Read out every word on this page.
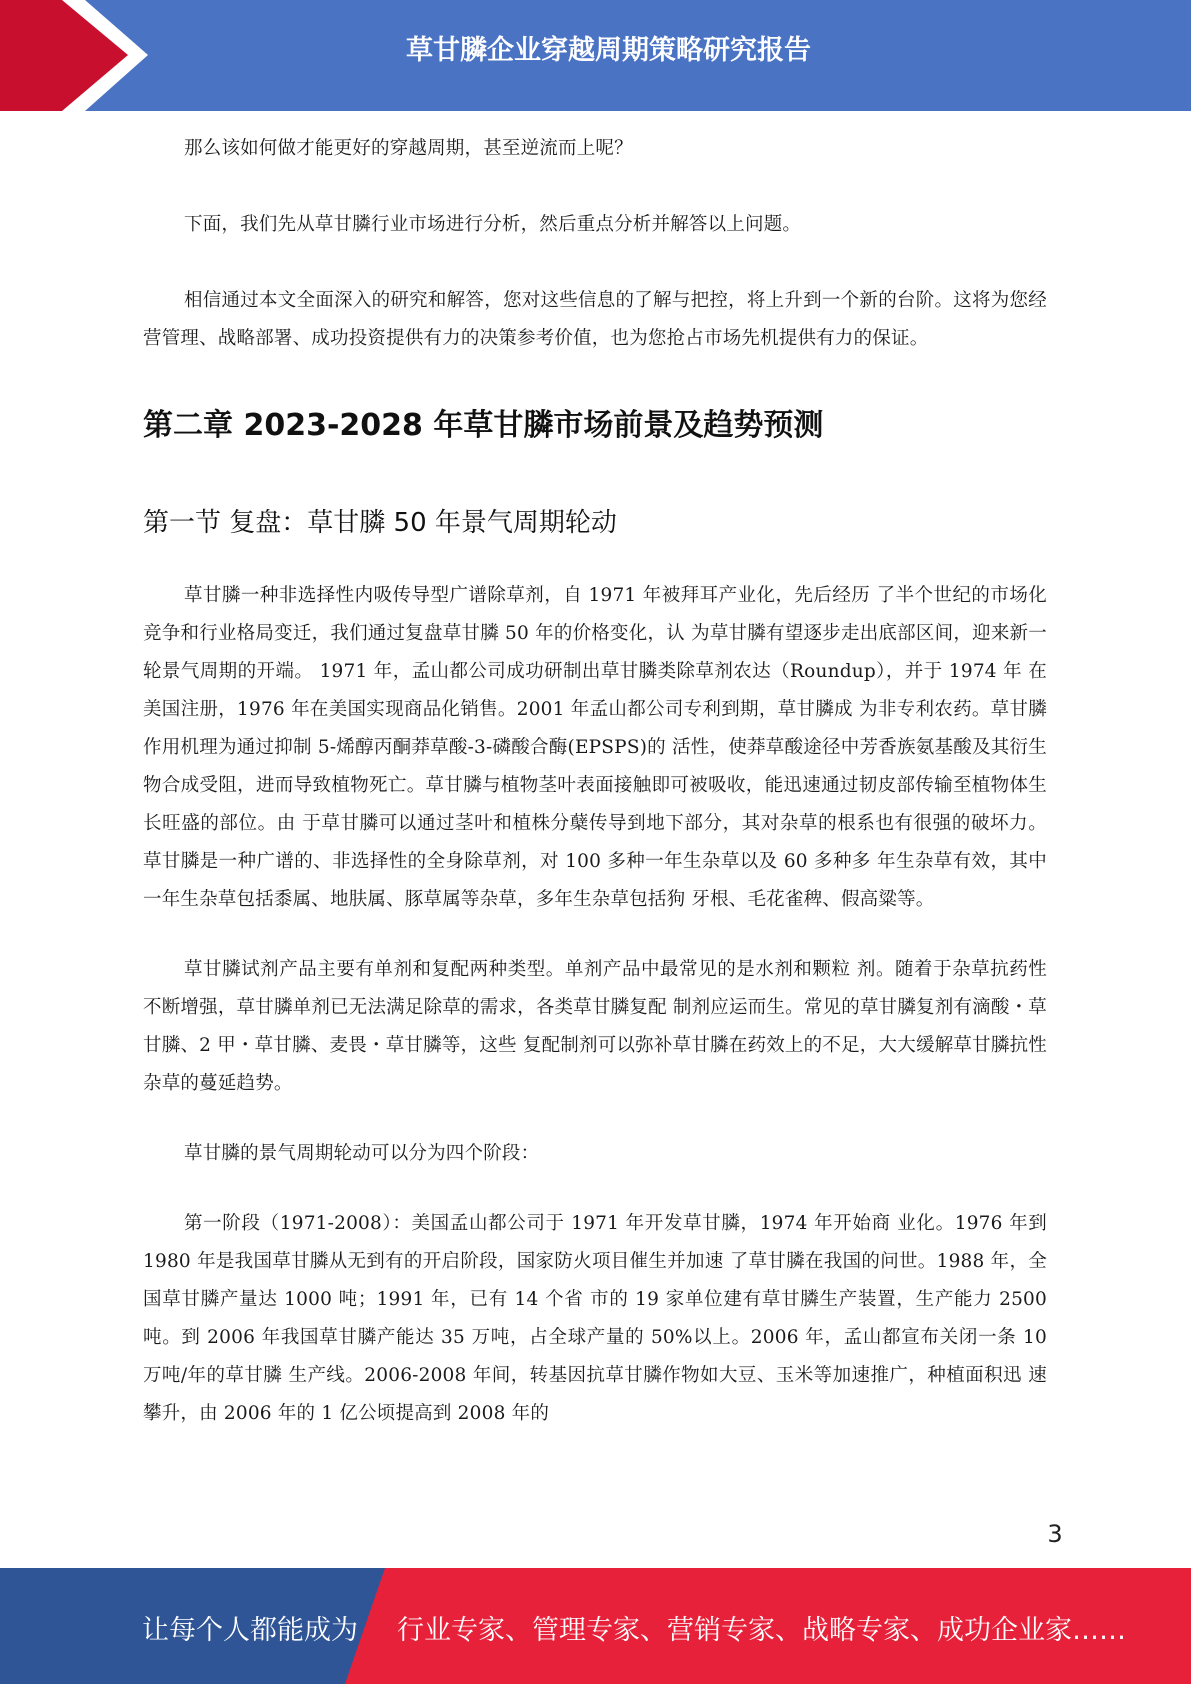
草甘膦企业穿越周期策略研究报告

那么该如何做才能更好的穿越周期，甚至逆流而上呢？

下面，我们先从草甘膦行业市场进行分析，然后重点分析并解答以上问题。

相信通过本文全面深入的研究和解答，您对这些信息的了解与把控，将上升到一个新的台阶。这将为您经营管理、战略部署、成功投资提供有力的决策参考价值，也为您抢占市场先机提供有力的保证。

第二章 2023-2028 年草甘膦市场前景及趋势预测
第一节 复盘：草甘膦 50 年景气周期轮动

草甘膦一种非选择性内吸传导型广谱除草剂，自 1971 年被拜耳产业化，先后经历 了半个世纪的市场化竞争和行业格局变迁，我们通过复盘草甘膦 50 年的价格变化，认 为草甘膦有望逐步走出底部区间，迎来新一轮景气周期的开端。 1971 年，孟山都公司成功研制出草甘膦类除草剂农达（Roundup），并于 1974 年 在美国注册，1976 年在美国实现商品化销售。2001 年孟山都公司专利到期，草甘膦成 为非专利农药。草甘膦作用机理为通过抑制 5-烯醇丙酮莽草酸-3-磷酸合酶(EPSPS)的 活性，使莽草酸途径中芳香族氨基酸及其衍生物合成受阻，进而导致植物死亡。草甘膦与植物茎叶表面接触即可被吸收，能迅速通过韧皮部传输至植物体生长旺盛的部位。由 于草甘膦可以通过茎叶和植株分蘖传导到地下部分，其对杂草的根系也有很强的破坏力。 草甘膦是一种广谱的、非选择性的全身除草剂，对 100 多种一年生杂草以及 60 多种多 年生杂草有效，其中一年生杂草包括黍属、地肤属、豚草属等杂草，多年生杂草包括狗 牙根、毛花雀稗、假高粱等。

草甘膦试剂产品主要有单剂和复配两种类型。单剂产品中最常见的是水剂和颗粒 剂。随着于杂草抗药性不断增强，草甘膦单剂已无法满足除草的需求，各类草甘膦复配 制剂应运而生。常见的草甘膦复剂有滴酸・草甘膦、2 甲・草甘膦、麦畏・草甘膦等，这些 复配制剂可以弥补草甘膦在药效上的不足，大大缓解草甘膦抗性杂草的蔓延趋势。

草甘膦的景气周期轮动可以分为四个阶段：

第一阶段（1971-2008）：美国孟山都公司于 1971 年开发草甘膦，1974 年开始商 业化。1976 年到 1980 年是我国草甘膦从无到有的开启阶段，国家防火项目催生并加速 了草甘膦在我国的问世。1988 年，全国草甘膦产量达 1000 吨；1991 年，已有 14 个省 市的 19 家单位建有草甘膦生产装置，生产能力 2500 吨。到 2006 年我国草甘膦产能达 35 万吨，占全球产量的 50%以上。2006 年，孟山都宣布关闭一条 10 万吨/年的草甘膦 生产线。2006-2008 年间，转基因抗草甘膦作物如大豆、玉米等加速推广，种植面积迅 速攀升，由 2006 年的 1 亿公顷提高到 2008 年的

3
让每个人都能成为 行业专家、管理专家、营销专家、战略专家、成功企业家……
